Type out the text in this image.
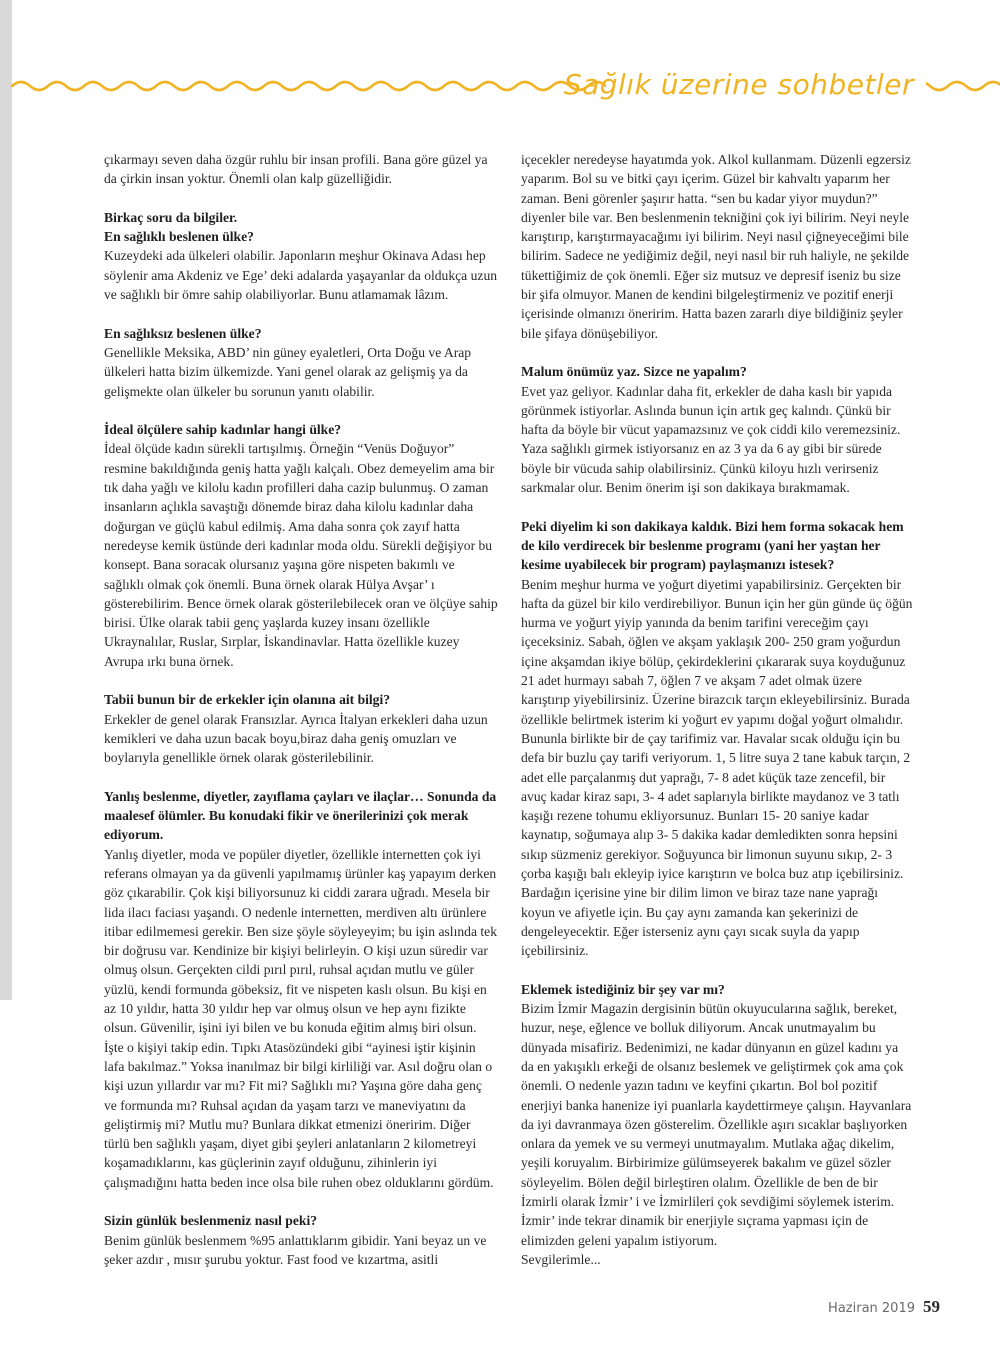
Sağlık üzerine sohbetler

çıkarmayı seven daha özgür ruhlu bir insan profili. Bana göre güzel ya da çirkin insan yoktur. Önemli olan kalp güzelliğidir.

Birkaç soru da bilgiler.

En sağlıklı beslenen ülke?

Kuzeydeki ada ülkeleri olabilir. Japonların meşhur Okinava Adası hep söylenir ama Akdeniz ve Ege’ deki adalarda yaşayanlar da oldukça uzun ve sağlıklı bir ömre sahip olabiliyorlar. Bunu atlamamak lâzım.

En sağlıksız beslenen ülke?

Genellikle Meksika, ABD’ nin güney eyaletleri, Orta Doğu ve Arap ülkeleri hatta bizim ülkemizde. Yani genel olarak az gelişmiş ya da gelişmekte olan ülkeler bu sorunun yanıtı olabilir.

İdeal ölçülere sahip kadınlar hangi ülke?

İdeal ölçüde kadın sürekli tartışılmış. Örneğin “Venüs Doğuyor” resmine bakıldığında geniş hatta yağlı kalçalı. Obez demeyelim ama bir tık daha yağlı ve kilolu kadın profilleri daha cazip bulunmuş. O zaman insanların açlıkla savaştığı dönemde biraz daha kilolu kadınlar daha doğurgan ve güçlü kabul edilmiş. Ama daha sonra çok zayıf hatta neredeyse kemik üstünde deri kadınlar moda oldu. Sürekli değişiyor bu konsept. Bana soracak olursanız yaşına göre nispeten bakımlı ve sağlıklı olmak çok önemli. Buna örnek olarak Hülya Avşar’ ı gösterebilirim. Bence örnek olarak gösterilebilecek oran ve ölçüye sahip birisi. Ülke olarak tabii genç yaşlarda kuzey insanı özellikle Ukraynalılar, Ruslar, Sırplar, İskandinavlar. Hatta özellikle kuzey Avrupa ırkı buna örnek.

Tabii bunun bir de erkekler için olanına ait bilgi?

Erkekler de genel olarak Fransızlar. Ayrıca İtalyan erkekleri daha uzun kemikleri ve daha uzun bacak boyu,biraz daha geniş omuzları ve boylarıyla genellikle örnek olarak gösterilebilinir.

Yanlış beslenme, diyetler, zayıflama çayları ve ilaçlar… Sonunda da maalesef ölümler. Bu konudaki fikir ve önerilerinizi çok merak ediyorum.

Yanlış diyetler, moda ve popüler diyetler, özellikle internetten çok iyi referans olmayan ya da güvenli yapılmamış ürünler kaş yapayım derken göz çıkarabilir. Çok kişi biliyorsunuz ki ciddi zarara uğradı. Mesela bir lida ilacı faciası yaşandı. O nedenle internetten, merdiven altı ürünlere itibar edilmemesi gerekir. Ben size şöyle söyleyeyim; bu işin aslında tek bir doğrusu var. Kendinize bir kişiyi belirleyin. O kişi uzun süredir var olmuş olsun. Gerçekten cildi pırıl pırıl, ruhsal açıdan mutlu ve güler yüzlü, kendi formunda göbeksiz, fit ve nispeten kaslı olsun. Bu kişi en az 10 yıldır, hatta 30 yıldır hep var olmuş olsun ve hep aynı fizikte olsun. Güvenilir, işini iyi bilen ve bu konuda eğitim almış biri olsun. İşte o kişiyi takip edin. Tıpkı Atasözündeki gibi “ayinesi iştir kişinin lafa bakılmaz.” Yoksa inanılmaz bir bilgi kirliliği var. Asıl doğru olan o kişi uzun yıllardır var mı? Fit mi? Sağlıklı mı? Yaşına göre daha genç ve formunda mı? Ruhsal açıdan da yaşam tarzı ve maneviyatını da geliştirmiş mi? Mutlu mu? Bunlara dikkat etmenizi öneririm. Diğer türlü ben sağlıklı yaşam, diyet gibi şeyleri anlatanların 2 kilometreyi koşamadıklarını, kas güçlerinin zayıf olduğunu, zihinlerin iyi çalışmadığını hatta beden ince olsa bile ruhen obez olduklarını gördüm.

Sizin günlük beslenmeniz nasıl peki?

Benim günlük beslenmem %95 anlattıklarım gibidir. Yani beyaz un ve şeker azdır , mısır şurubu yoktur. Fast food ve kızartma, asitli

içecekler neredeyse hayatımda yok. Alkol kullanmam. Düzenli egzersiz yaparım. Bol su ve bitki çayı içerim. Güzel bir kahvaltı yaparım her zaman. Beni görenler şaşırır hatta. “sen bu kadar yiyor muydun?” diyenler bile var. Ben beslenmenin tekniğini çok iyi bilirim. Neyi neyle karıştırıp, karıştırmayacağımı iyi bilirim. Neyi nasıl çiğneyeceğimi bile bilirim. Sadece ne yediğimiz değil, neyi nasıl bir ruh haliyle, ne şekilde tükettiğimiz de çok önemli. Eğer siz mutsuz ve depresif iseniz bu size bir şifa olmuyor. Manen de kendini bilgeleştirmeniz ve pozitif enerji içerisinde olmanızı öneririm. Hatta bazen zararlı diye bildiğiniz şeyler bile şifaya dönüşebiliyor.

Malum önümüz yaz. Sizce ne yapalım?

Evet yaz geliyor. Kadınlar daha fit, erkekler de daha kaslı bir yapıda görünmek istiyorlar. Aslında bunun için artık geç kalındı. Çünkü bir hafta da böyle bir vücut yapamazsınız ve çok ciddi kilo veremezsiniz. Yaza sağlıklı girmek istiyorsanız en az 3 ya da 6 ay gibi bir sürede böyle bir vücuda sahip olabilirsiniz. Çünkü kiloyu hızlı verirseniz sarkmalar olur. Benim önerim işi son dakikaya bırakmamak.

Peki diyelim ki son dakikaya kaldık. Bizi hem forma sokacak hem de kilo verdirecek bir beslenme programı (yani her yaştan her kesime uyabilecek bir program) paylaşmanızı istesek?

Benim meşhur hurma ve yoğurt diyetimi yapabilirsiniz. Gerçekten bir hafta da güzel bir kilo verdirebiliyor. Bunun için her gün günde üç öğün hurma ve yoğurt yiyip yanında da benim tarifini vereceğim çayı içeceksiniz. Sabah, öğlen ve akşam yaklaşık 200- 250 gram yoğurdun içine akşamdan ikiye bölüp, çekirdeklerini çıkararak suya koyduğunuz 21 adet hurmayı sabah 7, öğlen 7 ve akşam 7 adet olmak üzere karıştırıp yiyebilirsiniz. Üzerine birazcık tarçın ekleyebilirsiniz. Burada özellikle belirtmek isterim ki yoğurt ev yapımı doğal yoğurt olmalıdır.

Bununla birlikte bir de çay tarifimiz var. Havalar sıcak olduğu için bu defa bir buzlu çay tarifi veriyorum. 1, 5 litre suya 2 tane kabuk tarçın, 2 adet elle parçalanmış dut yaprağı, 7- 8 adet küçük taze zencefil, bir avuç kadar kiraz sapı, 3- 4 adet saplarıyla birlikte maydanoz ve 3 tatlı kaşığı rezene tohumu ekliyorsunuz. Bunları 15- 20 saniye kadar kaynatıp, soğumaya alıp 3- 5 dakika kadar demledikten sonra hepsini sıkıp süzmeniz gerekiyor. Soğuyunca bir limonun suyunu sıkıp, 2- 3 çorba kaşığı balı ekleyip iyice karıştırın ve bolca buz atıp içebilirsiniz. Bardağın içerisine yine bir dilim limon ve biraz taze nane yaprağı koyun ve afiyetle için. Bu çay aynı zamanda kan şekerinizi de dengeleyecektir. Eğer isterseniz aynı çayı sıcak suyla da yapıp içebilirsiniz.

Eklemek istediğiniz bir şey var mı?

Bizim İzmir Magazin dergisinin bütün okuyucularına sağlık, bereket, huzur, neşe, eğlence ve bolluk diliyorum. Ancak unutmayalım bu dünyada misafiriz. Bedenimizi, ne kadar dünyanın en güzel kadını ya da en yakışıklı erkeği de olsanız beslemek ve geliştirmek çok ama çok önemli. O nedenle yazın tadını ve keyfini çıkartın. Bol bol pozitif enerjiyi banka hanenize iyi puanlarla kaydettirmeye çalışın. Hayvanlara da iyi davranmaya özen gösterelim. Özellikle aşırı sıcaklar başlıyorken onlara da yemek ve su vermeyi unutmayalım. Mutlaka ağaç dikelim, yeşili koruyalım. Birbirimize gülümseyerek bakalım ve güzel sözler söyleyelim. Bölen değil birleştiren olalım. Özellikle de ben de bir İzmirli olarak İzmir’ i ve İzmirlileri çok sevdiğimi söylemek isterim. İzmir’ inde tekrar dinamik bir enerjiyle sıçrama yapması için de elimizden geleni yapalım istiyorum.

Sevgilerimle...

Haziran 2019 59
